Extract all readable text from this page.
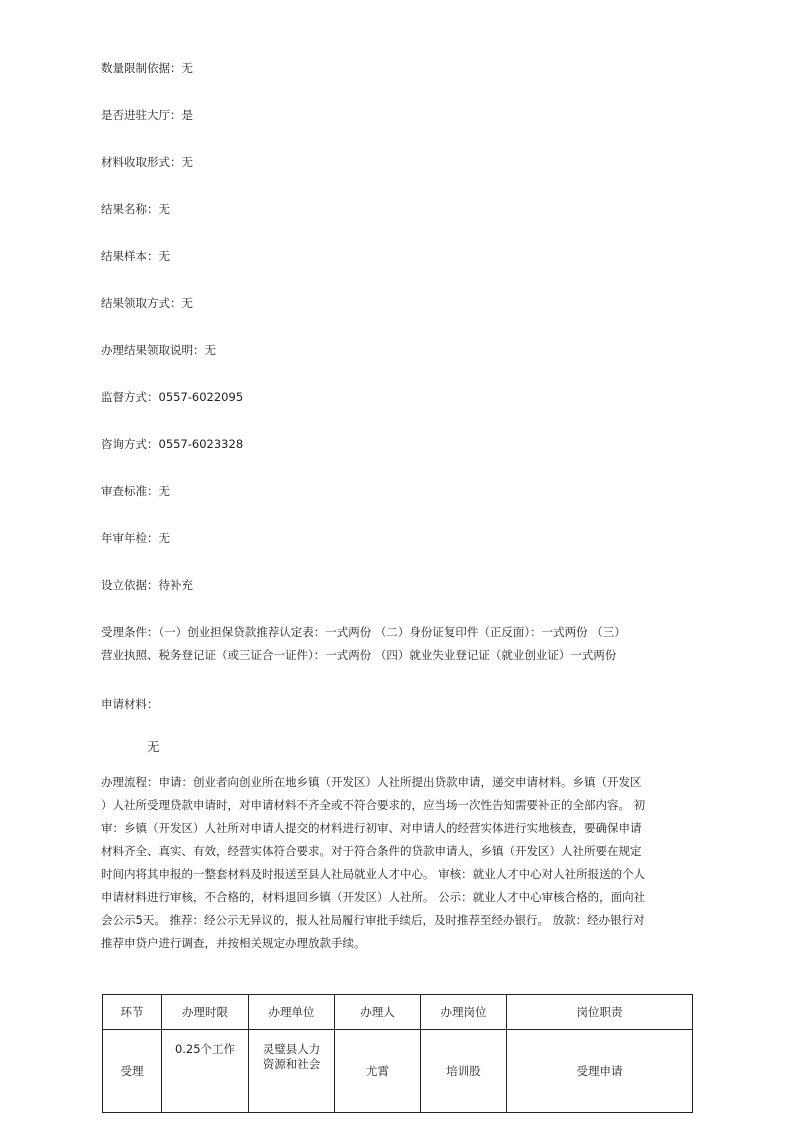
数量限制依据：无
是否进驻大厅：是
材料收取形式：无
结果名称：无
结果样本：无
结果领取方式：无
办理结果领取说明：无
监督方式：0557-6022095
咨询方式：0557-6023328
审查标准：无
年审年检：无
设立依据：待补充
受理条件：（一）创业担保贷款推荐认定表：一式两份 （二）身份证复印件（正反面）：一式两份 （三）
营业执照、税务登记证（或三证合一证件）：一式两份 （四）就业失业登记证（就业创业证）一式两份
申请材料：
无
办理流程：申请：创业者向创业所在地乡镇（开发区）人社所提出贷款申请，递交申请材料。乡镇（开发区
）人社所受理贷款申请时，对申请材料不齐全或不符合要求的，应当场一次性告知需要补正的全部内容。 初
审：乡镇（开发区）人社所对申请人提交的材料进行初审、对申请人的经营实体进行实地核查，要确保申请
材料齐全、真实、有效，经营实体符合要求。对于符合条件的贷款申请人，乡镇（开发区）人社所要在规定
时间内将其申报的一整套材料及时报送至县人社局就业人才中心。 审核：就业人才中心对人社所报送的个人
申请材料进行审核，不合格的，材料退回乡镇（开发区）人社所。 公示：就业人才中心审核合格的，面向社
会公示5天。 推荐：经公示无异议的，报人社局履行审批手续后，及时推荐至经办银行。 放款：经办银行对
推荐申贷户进行调查，并按相关规定办理放款手续。
环节	办理时限	办理单位	办理人	办理岗位	岗位职责
受理	0.25个工作	灵璧县人力
资源和社会	尤霄	培训股	受理申请
